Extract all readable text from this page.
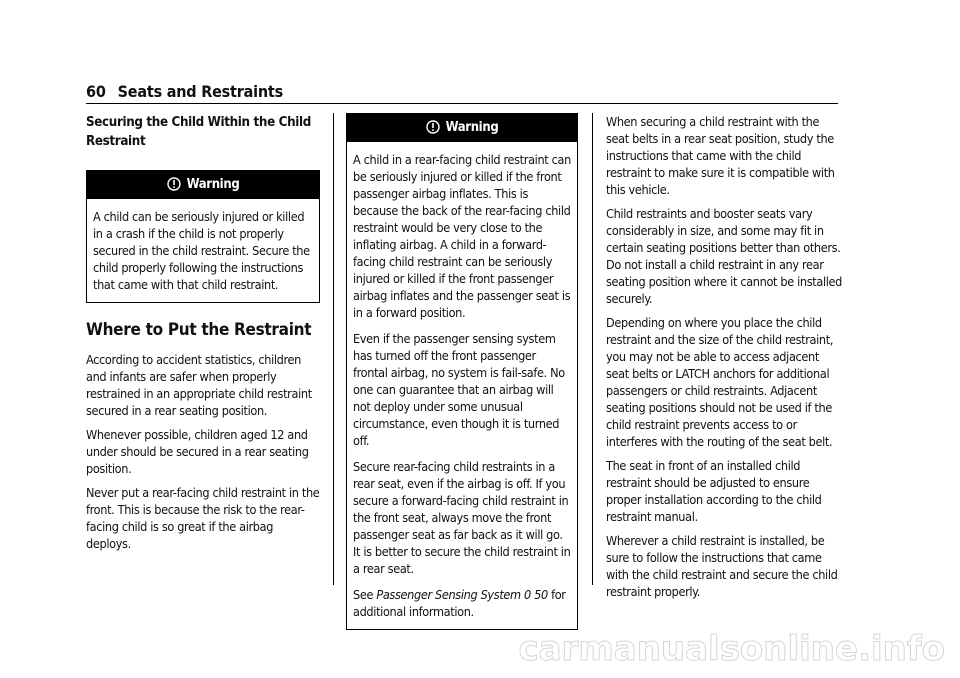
60 Seats and Restraints
Securing the Child Within the Child Restraint
Warning

A child can be seriously injured or killed in a crash if the child is not properly secured in the child restraint. Secure the child properly following the instructions that came with that child restraint.

Where to Put the Restraint

According to accident statistics, children and infants are safer when properly restrained in an appropriate child restraint secured in a rear seating position.

Whenever possible, children aged 12 and under should be secured in a rear seating position.

Never put a rear-facing child restraint in the front. This is because the risk to the rear-facing child is so great if the airbag deploys.

Warning

A child in a rear-facing child restraint can be seriously injured or killed if the front passenger airbag inflates. This is because the back of the rear-facing child restraint would be very close to the inflating airbag. A child in a forward-facing child restraint can be seriously injured or killed if the front passenger airbag inflates and the passenger seat is in a forward position.

Even if the passenger sensing system has turned off the front passenger frontal airbag, no system is fail-safe. No one can guarantee that an airbag will not deploy under some unusual circumstance, even though it is turned off.

Secure rear-facing child restraints in a rear seat, even if the airbag is off. If you secure a forward-facing child restraint in the front seat, always move the front passenger seat as far back as it will go. It is better to secure the child restraint in a rear seat.

See Passenger Sensing System 0 50 for additional information.

When securing a child restraint with the seat belts in a rear seat position, study the instructions that came with the child restraint to make sure it is compatible with this vehicle.

Child restraints and booster seats vary considerably in size, and some may fit in certain seating positions better than others. Do not install a child restraint in any rear seating position where it cannot be installed securely.

Depending on where you place the child restraint and the size of the child restraint, you may not be able to access adjacent seat belts or LATCH anchors for additional passengers or child restraints. Adjacent seating positions should not be used if the child restraint prevents access to or interferes with the routing of the seat belt.

The seat in front of an installed child restraint should be adjusted to ensure proper installation according to the child restraint manual.

Wherever a child restraint is installed, be sure to follow the instructions that came with the child restraint and secure the child restraint properly.

carmanualsonline.info
